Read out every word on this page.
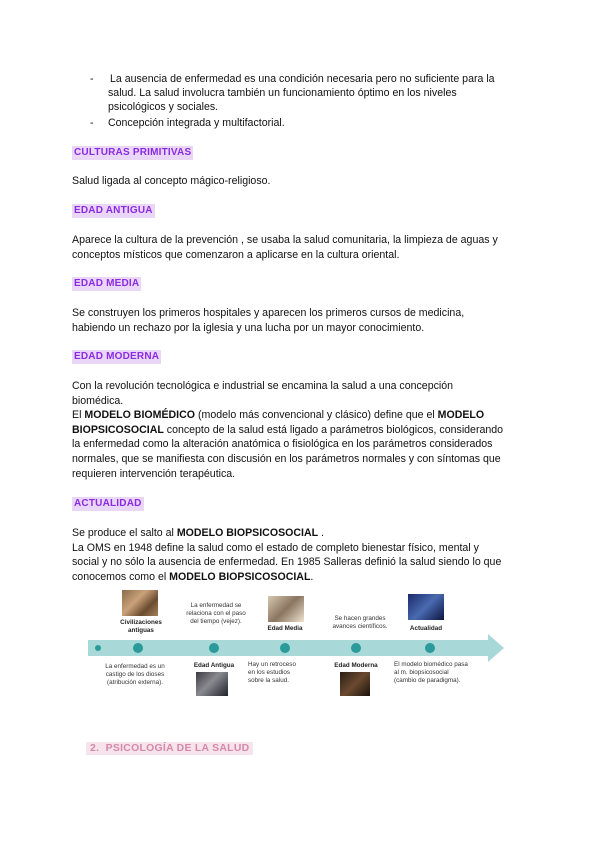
- La ausencia de enfermedad es una condición necesaria pero no suficiente para la
salud. La salud involucra también un funcionamiento óptimo en los niveles
psicológicos y sociales.
- Concepción integrada y multifactorial.
CULTURAS PRIMITIVAS
Salud ligada al concepto mágico-religioso.
EDAD ANTIGUA
Aparece la cultura de la prevención , se usaba la salud comunitaria, la limpieza de aguas y
conceptos místicos que comenzaron a aplicarse en la cultura oriental.
EDAD MEDIA
Se construyen los primeros hospitales y aparecen los primeros cursos de medicina,
habiendo un rechazo por la iglesia y una lucha por un mayor conocimiento.
EDAD MODERNA
Con la revolución tecnológica e industrial se encamina la salud a una concepción
biomédica.
El MODELO BIOMÉDICO (modelo más convencional y clásico) define que el MODELO
BIOPSICOSOCIAL concepto de la salud está ligado a parámetros biológicos, considerando
la enfermedad como la alteración anatómica o fisiológica en los parámetros considerados
normales, que se manifiesta con discusión en los parámetros normales y con síntomas que
requieren intervención terapéutica.
ACTUALIDAD
Se produce el salto al MODELO BIOPSICOSOCIAL .
La OMS en 1948 define la salud como el estado de completo bienestar físico, mental y
social y no sólo la ausencia de enfermedad. En 1985 Salleras definió la salud siendo lo que
conocemos como el MODELO BIOPSICOSOCIAL.
Civilizaciones
antiguas
La enfermedad se
relaciona con el paso
del tiempo (vejez).
Edad Media
Se hacen grandes
avances científicos.	Actualidad
La enfermedad es un
castigo de los dioses
(atribución externa).
Edad Antigua	Hay un retroceso
en los estudios
sobre la salud.
Edad Moderna	El modelo biomédico pasa
al m. biopsicosocial
(cambio de paradigma).
2. PSICOLOGÍA DE LA SALUD
